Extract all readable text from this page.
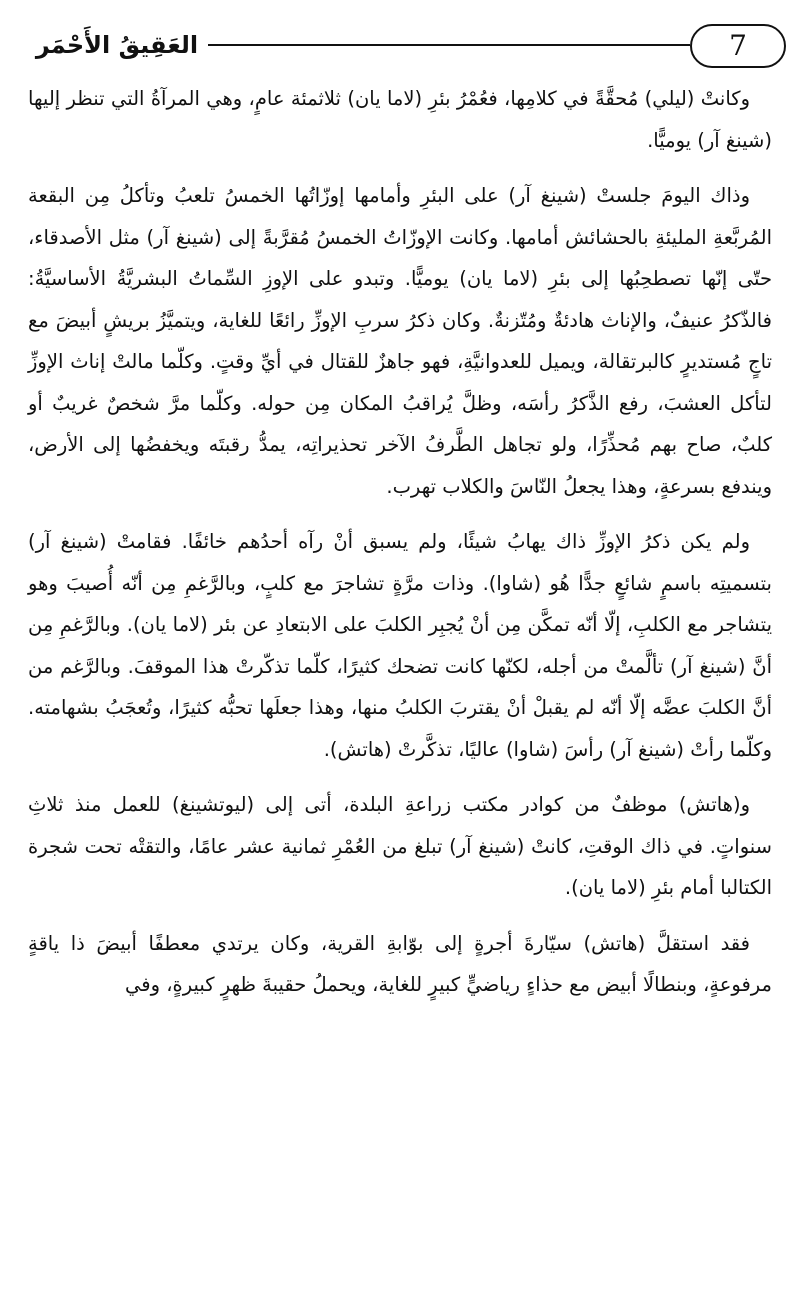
العَقِيقُ الأَحْمَر	7

وكانتْ (ليلي) مُحقَّةً في كلامِها، فعُمْرُ بئرِ (لاما يان) ثلاثمئة عامٍ، وهي المرآةُ التي تنظر إليها (شينغ آر) يوميًّا.

وذاك اليومَ جلستْ (شينغ آر) على البئرِ وأمامها إوزّاتُها الخمسُ تلعبُ وتأكلُ مِن البقعة المُربَّعةِ المليئةِ بالحشائش أمامها. وكانت الإوزّاتُ الخمسُ مُقرَّبةً إلى (شينغ آر) مثل الأصدقاء، حتّى إنّها تصطحِبُها إلى بئرِ (لاما يان) يوميًّا. وتبدو على الإوزِ السِّماتُ البشريَّةُ الأساسيَّةُ: فالذّكرُ عنيفٌ، والإناث هادئةٌ ومُتّزنةٌ. وكان ذكرُ سربِ الإوزِّ رائعًا للغاية، ويتميَّزُ بريشٍ أبيضَ مع تاجٍ مُستديرٍ كالبرتقالة، ويميل للعدوانيَّةِ، فهو جاهزٌ للقتال في أيِّ وقتٍ. وكلّما مالتْ إناث الإوزِّ لتأكل العشبَ، رفع الذَّكرُ رأسَه، وظلَّ يُراقبُ المكان مِن حوله. وكلّما مرَّ شخصٌ غريبٌ أو كلبٌ، صاح بهم مُحذِّرًا، ولو تجاهل الطَّرفُ الآخر تحذيراتِه، يمدُّ رقبتَه ويخفضُها إلى الأرض، ويندفع بسرعةٍ، وهذا يجعلُ النّاسَ والكلاب تهرب.

ولم يكن ذكرُ الإوزِّ ذاك يهابُ شيئًا، ولم يسبق أنْ رآه أحدُهم خائفًا. فقامتْ (شينغ آر) بتسميتِه باسمٍ شائعٍ جدًّا هُو (شاوا). وذات مرَّةٍ تشاجرَ مع كلبٍ، وبالرَّغمِ مِن أنّه أُصيبَ وهو يتشاجر مع الكلبِ، إلّا أنّه تمكَّن مِن أنْ يُجبِر الكلبَ على الابتعادِ عن بئر (لاما يان). وبالرَّغمِ مِن أنَّ (شينغ آر) تألَّمتْ من أجله، لكنّها كانت تضحك كثيرًا، كلّما تذكّرتْ هذا الموقفَ. وبالرَّغم من أنَّ الكلبَ عضَّه إلّا أنّه لم يقبلْ أنْ يقتربَ الكلبُ منها، وهذا جعلَها تحبُّه كثيرًا، وتُعجَبُ بشهامته. وكلّما رأتْ (شينغ آر) رأسَ (شاوا) عاليًا، تذكَّرتْ (هاتش).

و(هاتش) موظفٌ من كوادر مكتب زراعةِ البلدة، أتى إلى (ليوتشينغ) للعمل منذ ثلاثِ سنواتٍ. في ذاك الوقتِ، كانتْ (شينغ آر) تبلغ من العُمْرِ ثمانية عشر عامًا، والتقتْه تحت شجرة الكتالبا أمام بئرِ (لاما يان).

فقد استقلَّ (هاتش) سيّارةَ أجرةٍ إلى بوّابةِ القرية، وكان يرتدي معطفًا أبيضَ ذا ياقةٍ مرفوعةٍ، وبنطالًا أبيض مع حذاءٍ رياضيٍّ كبيرٍ للغاية، ويحملُ حقيبةَ ظهرٍ كبيرةٍ، وفي
